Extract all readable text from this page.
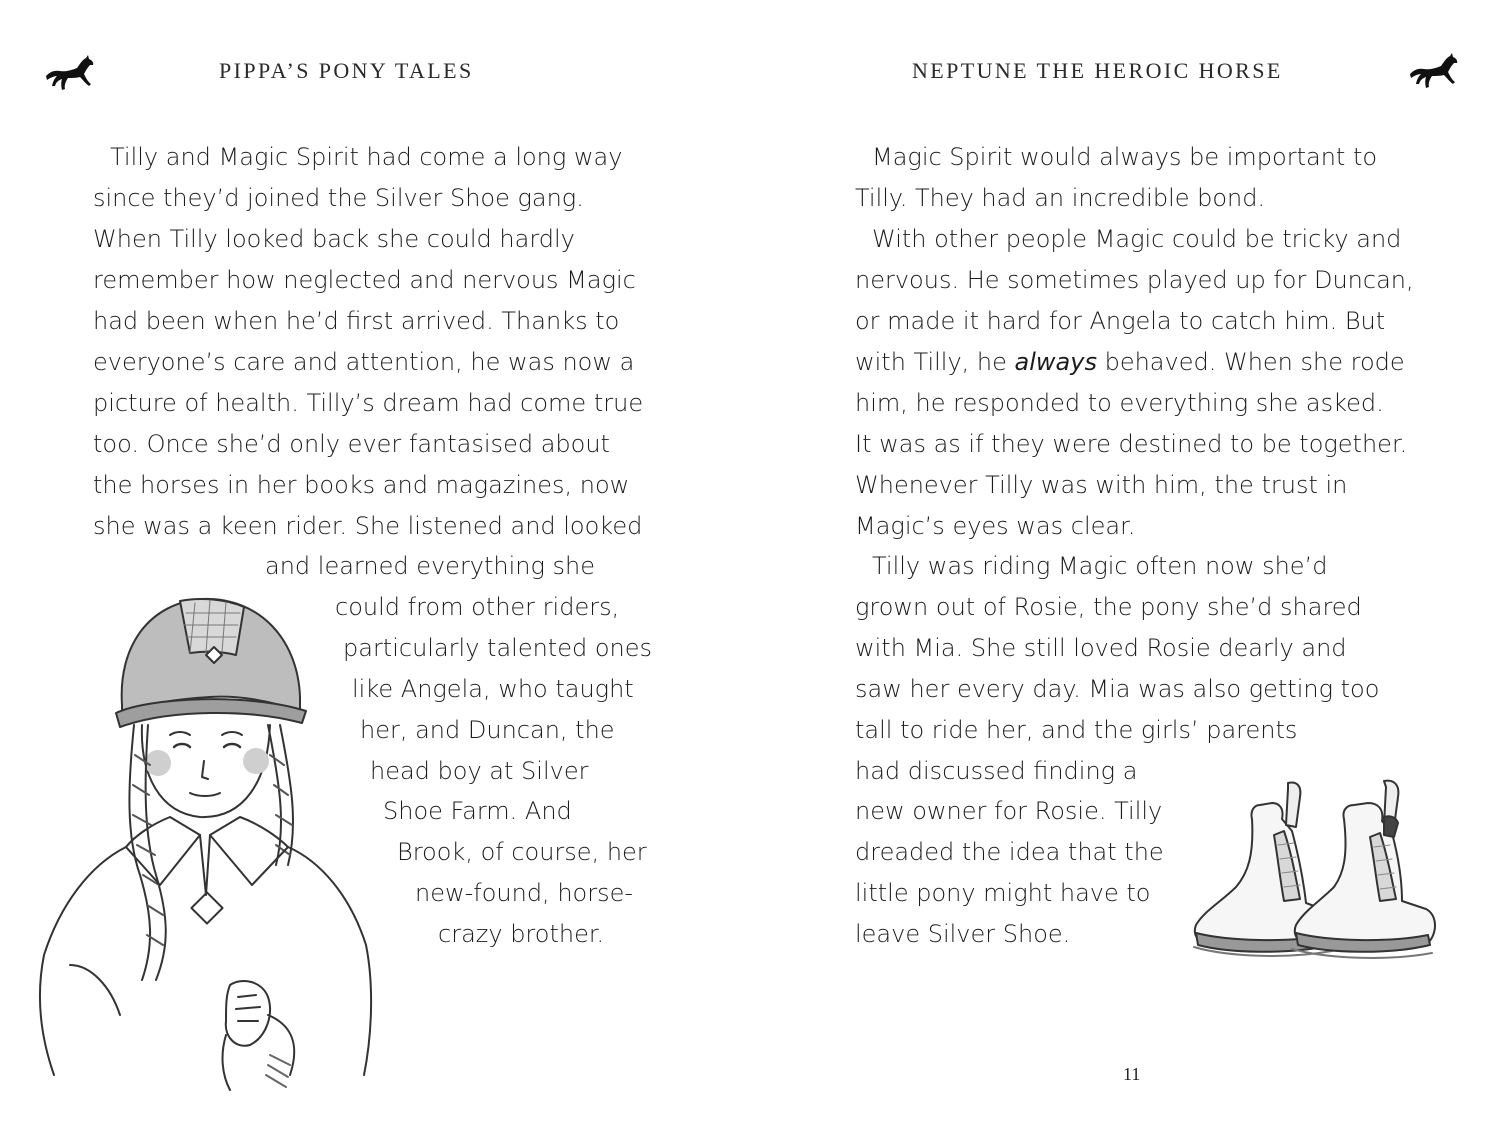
PIPPA’S PONY TALES
Tilly and Magic Spirit had come a long way
since they’d joined the Silver Shoe gang.
When Tilly looked back she could hardly
remember how neglected and nervous Magic
had been when he’d first arrived. Thanks to
everyone’s care and attention, he was now a
picture of health. Tilly’s dream had come true
too. Once she’d only ever fantasised about
the horses in her books and magazines, now
she was a keen rider. She listened and looked
and learned everything she
could from other riders,
particularly talented ones
like Angela, who taught
her, and Duncan, the
head boy at Silver
Shoe Farm. And
Brook, of course, her
new-found, horse-
crazy brother.
NEPTUNE THE HEROIC HORSE
Magic Spirit would always be important to
Tilly. They had an incredible bond.
With other people Magic could be tricky and
nervous. He sometimes played up for Duncan,
or made it hard for Angela to catch him. But
with Tilly, he always behaved. When she rode
him, he responded to everything she asked.
It was as if they were destined to be together.
Whenever Tilly was with him, the trust in
Magic’s eyes was clear.
Tilly was riding Magic often now she’d
grown out of Rosie, the pony she’d shared
with Mia. She still loved Rosie dearly and
saw her every day. Mia was also getting too
tall to ride her, and the girls’ parents
had discussed finding a
new owner for Rosie. Tilly
dreaded the idea that the
little pony might have to
leave Silver Shoe.
11
